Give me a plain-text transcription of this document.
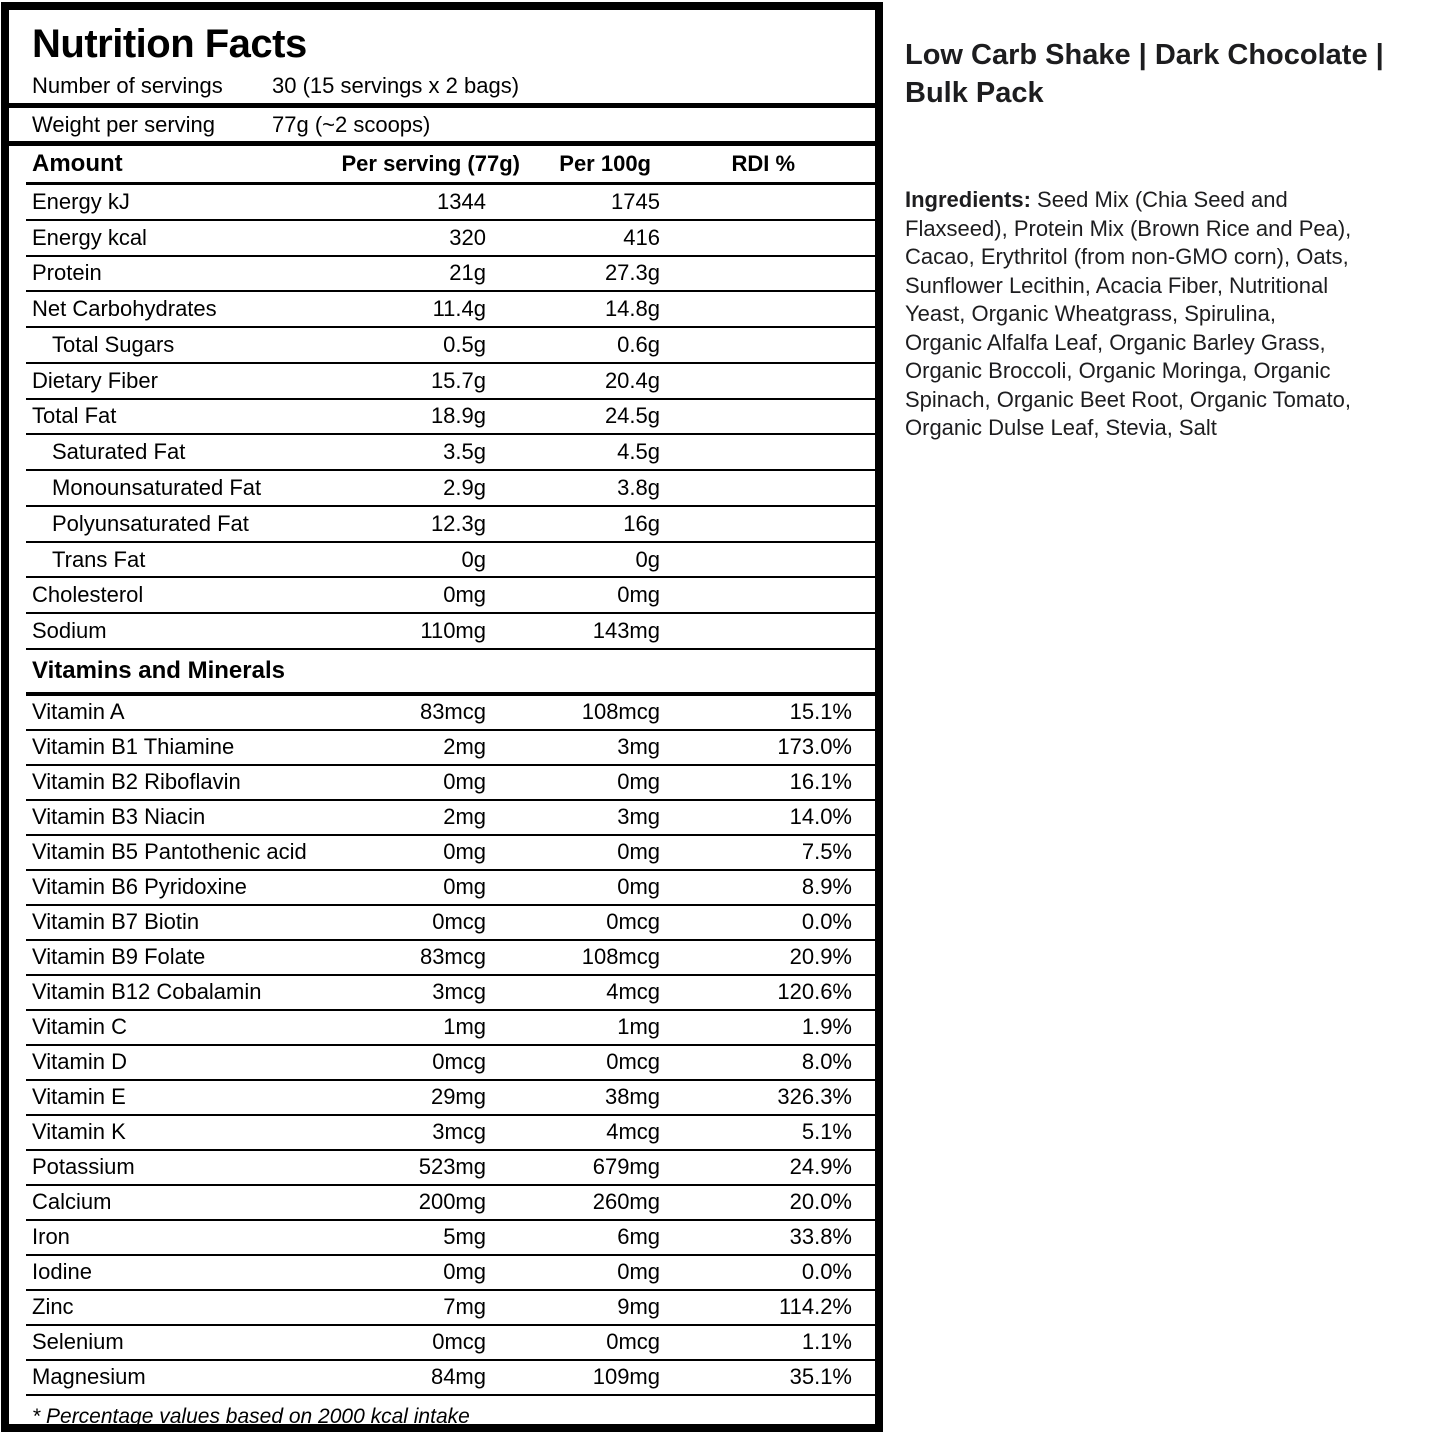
Nutrition Facts
Number of servings	30 (15 servings x 2 bags)
Weight per serving	77g (~2 scoops)
Amount	Per serving (77g)	Per 100g	RDI %
Energy kJ	1344	1745
Energy kcal	320	416
Protein	21g	27.3g
Net Carbohydrates	11.4g	14.8g
Total Sugars	0.5g	0.6g
Dietary Fiber	15.7g	20.4g
Total Fat	18.9g	24.5g
Saturated Fat	3.5g	4.5g
Monounsaturated Fat	2.9g	3.8g
Polyunsaturated Fat	12.3g	16g
Trans Fat	0g	0g
Cholesterol	0mg	0mg
Sodium	110mg	143mg
Vitamins and Minerals
Vitamin A	83mcg	108mcg	15.1%
Vitamin B1 Thiamine	2mg	3mg	173.0%
Vitamin B2 Riboflavin	0mg	0mg	16.1%
Vitamin B3 Niacin	2mg	3mg	14.0%
Vitamin B5 Pantothenic acid	0mg	0mg	7.5%
Vitamin B6 Pyridoxine	0mg	0mg	8.9%
Vitamin B7 Biotin	0mcg	0mcg	0.0%
Vitamin B9 Folate	83mcg	108mcg	20.9%
Vitamin B12 Cobalamin	3mcg	4mcg	120.6%
Vitamin C	1mg	1mg	1.9%
Vitamin D	0mcg	0mcg	8.0%
Vitamin E	29mg	38mg	326.3%
Vitamin K	3mcg	4mcg	5.1%
Potassium	523mg	679mg	24.9%
Calcium	200mg	260mg	20.0%
Iron	5mg	6mg	33.8%
Iodine	0mg	0mg	0.0%
Zinc	7mg	9mg	114.2%
Selenium	0mcg	0mcg	1.1%
Magnesium	84mg	109mg	35.1%
* Percentage values based on 2000 kcal intake
Low Carb Shake | Dark Chocolate | Bulk Pack
Ingredients: Seed Mix (Chia Seed and Flaxseed), Protein Mix (Brown Rice and Pea), Cacao, Erythritol (from non-GMO corn), Oats, Sunflower Lecithin, Acacia Fiber, Nutritional Yeast, Organic Wheatgrass, Spirulina, Organic Alfalfa Leaf, Organic Barley Grass, Organic Broccoli, Organic Moringa, Organic Spinach, Organic Beet Root, Organic Tomato, Organic Dulse Leaf, Stevia, Salt
